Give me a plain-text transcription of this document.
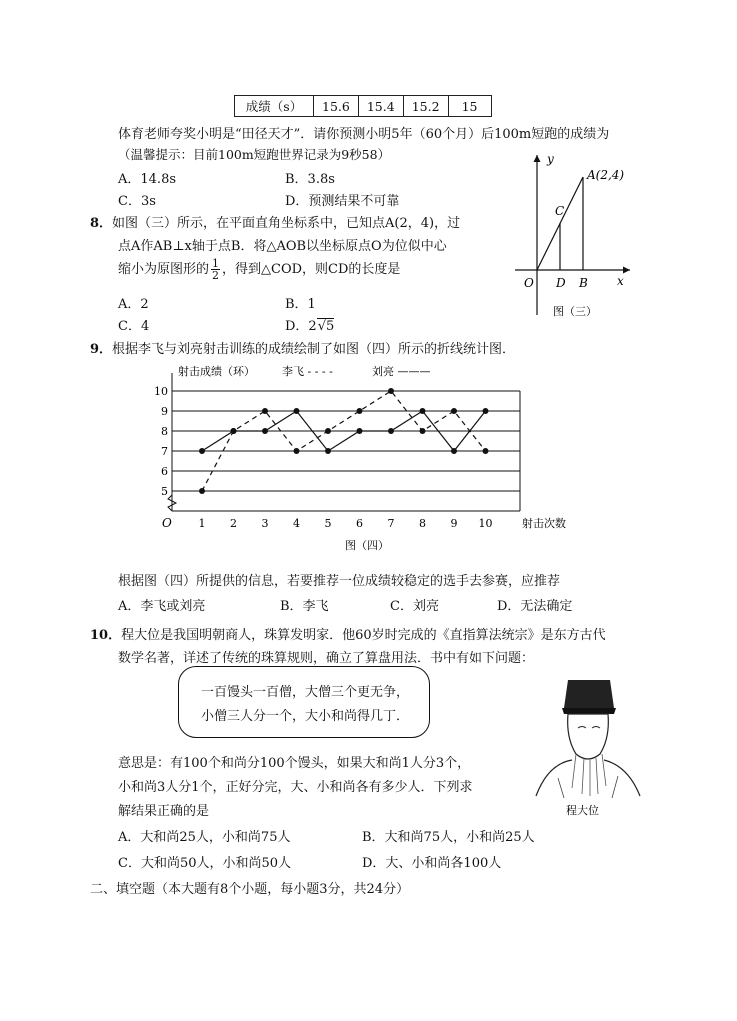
成绩（s）	15.6	15.4	15.2	15
体育老师夸奖小明是“田径天才”．请你预测小明5年（60个月）后100m短跑的成绩为
（温馨提示：目前100m短跑世界记录为9秒58）
A．14.8s	B．3.8s
C．3s	D．预测结果不可靠
8．如图（三）所示，在平面直角坐标系中，已知点A(2，4)，过
点A作AB⊥x轴于点B．将△AOB以坐标原点O为位似中心
缩小为原图形的 $\frac{1}{2}$ ，得到△COD，则CD的长度是
A．2	B．1
C．4	D．2√5
y
x
A(2,4)
C
O D B
图（三）
9．根据李飞与刘亮射击训练的成绩绘制了如图（四）所示的折线统计图．
射击成绩（环） 李飞 - - - -	刘亮 ———
射击次数
O
图（四）
5
6
7
8
9
10
1 2 3 4 5 6 7 8 9 10
根据图（四）所提供的信息，若要推荐一位成绩较稳定的选手去参赛，应推荐
A．李飞或刘亮	B．李飞	C．刘亮	D．无法确定
10．程大位是我国明朝商人，珠算发明家．他60岁时完成的《直指算法统宗》是东方古代
数学名著，详述了传统的珠算规则，确立了算盘用法．书中有如下问题：
一百馒头一百僧，大僧三个更无争，
小僧三人分一个，大小和尚得几丁．
意思是：有100个和尚分100个馒头，如果大和尚1人分3个，
小和尚3人分1个，正好分完，大、小和尚各有多少人．下列求
解结果正确的是	程大位
A．大和尚25人，小和尚75人	B．大和尚75人，小和尚25人
C．大和尚50人，小和尚50人	D．大、小和尚各100人
二、填空题（本大题有8个小题，每小题3分，共24分）
